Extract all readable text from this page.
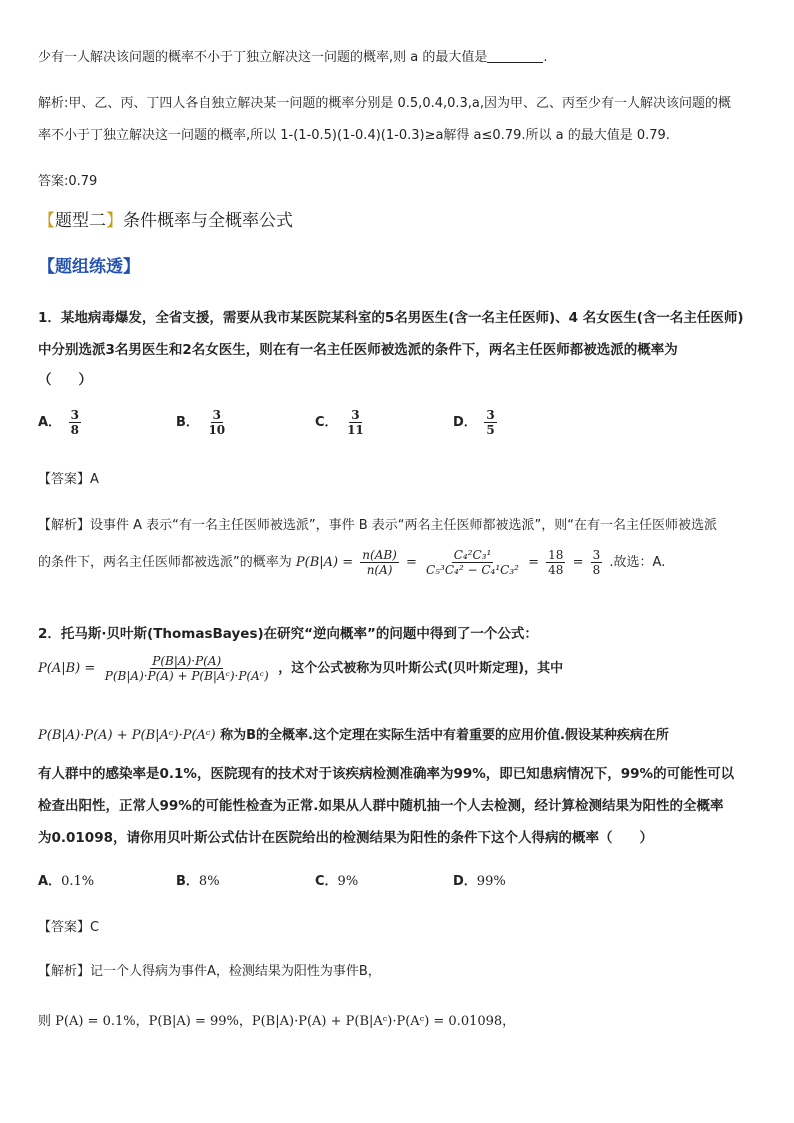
少有一人解决该问题的概率不小于丁独立解决这一问题的概率,则 a 的最大值是	.
解析:甲、乙、丙、丁四人各自独立解决某一问题的概率分别是 0.5,0.4,0.3,a,因为甲、乙、丙至少有一人解决该问题的概
率不小于丁独立解决这一问题的概率,所以 1-(1-0.5)(1-0.4)(1-0.3)≥a解得 a≤0.79.所以 a 的最大值是 0.79.
答案:0.79
【题型二】条件概率与全概率公式
【题组练透】
1．某地病毒爆发，全省支援，需要从我市某医院某科室的5名男医生(含一名主任医师)、4 名女医生(含一名主任医师)
中分别选派3名男医生和2名女医生，则在有一名主任医师被选派的条件下，两名主任医师都被选派的概率为
（　　）
A． $\frac{3}{8}$	B． $\frac{3}{10}$	C． $\frac{3}{11}$	D． $\frac{3}{5}$
【答案】A
【解析】设事件 A 表示“有一名主任医师被选派”，事件 B 表示“两名主任医师都被选派”，则“在有一名主任医师被选派
的条件下，两名主任医师都被选派”的概率为 $P(B|A) = \frac{n(AB)}{n(A)} = \frac{\text{C₄²C₃¹}}{\text{C₅³C₄² − C₄¹C₃²}} = \frac{18}{48} = \frac{3}{8}$ .故选：A.
2．托马斯·贝叶斯(ThomasBayes)在研究“逆向概率”的问题中得到了一个公式：
$P(A|B) = \frac{P(B|A)\cdot P(A)}{\text{P(B|A)·P(A) + P(B|Aᶜ)·P(Aᶜ)}}$ ，这个公式被称为贝叶斯公式(贝叶斯定理)，其中
P(B|A)·P(A) + P(B|Aᶜ)·P(Aᶜ) 称为B的全概率.这个定理在实际生活中有着重要的应用价值.假设某种疾病在所
有人群中的感染率是0.1%，医院现有的技术对于该疾病检测准确率为99%，即已知患病情况下，99%的可能性可以
检查出阳性，正常人99%的可能性检查为正常.如果从人群中随机抽一个人去检测，经计算检测结果为阳性的全概率
为0.01098，请你用贝叶斯公式估计在医院给出的检测结果为阳性的条件下这个人得病的概率（　　）
A．0.1%	B．8%	C．9%	D．99%
【答案】C
【解析】记一个人得病为事件A，检测结果为阳性为事件B，
则 P(A) = 0.1%，P(B|A) = 99%，P(B|A)·P(A) + P(B|Aᶜ)·P(Aᶜ) = 0.01098，
